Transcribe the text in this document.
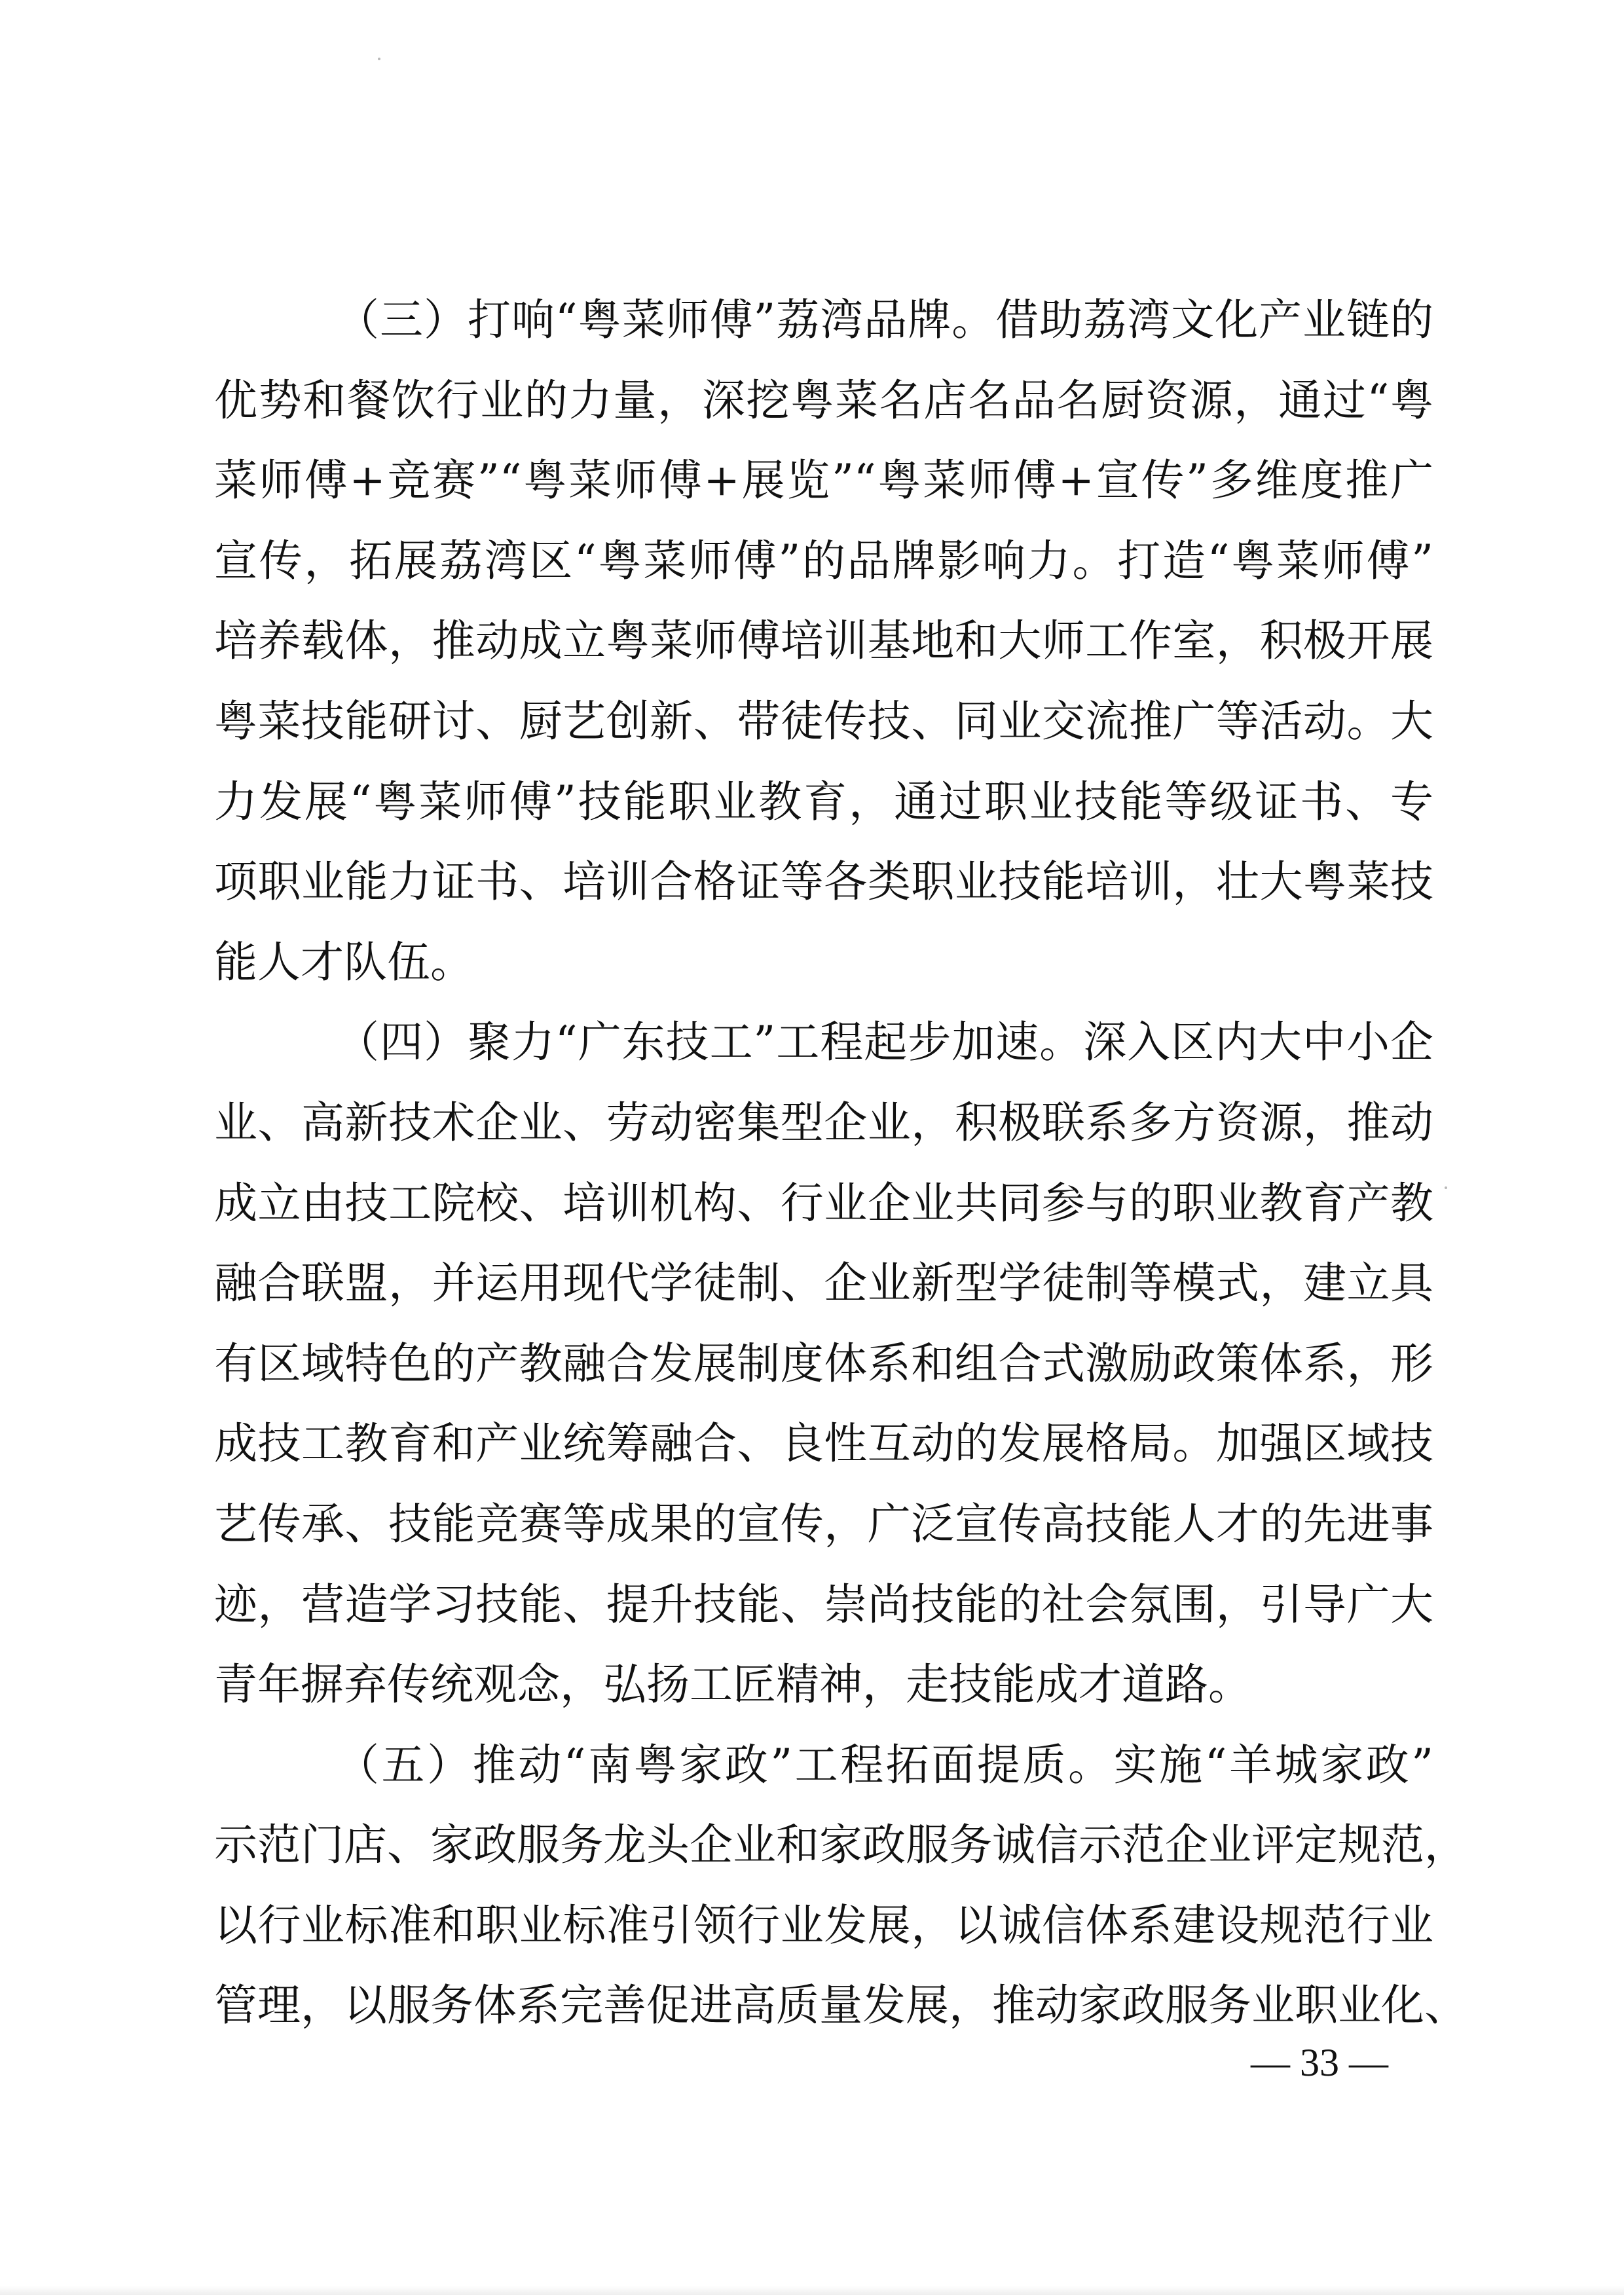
（三）打响“粤菜师傅”荔湾品牌。借助荔湾文化产业链的
优势和餐饮行业的力量，深挖粤菜名店名品名厨资源，通过“粤
菜师傅+竞赛”“粤菜师傅+展览”“粤菜师傅+宣传”多维度推广
宣传，拓展荔湾区“粤菜师傅”的品牌影响力。打造“粤菜师傅”
培养载体，推动成立粤菜师傅培训基地和大师工作室，积极开展
粤菜技能研讨、厨艺创新、带徒传技、同业交流推广等活动。大
力发展“粤菜师傅”技能职业教育，通过职业技能等级证书、专
项职业能力证书、培训合格证等各类职业技能培训，壮大粤菜技
能人才队伍。
（四）聚力“广东技工”工程起步加速。深入区内大中小企
业、高新技术企业、劳动密集型企业，积极联系多方资源，推动
成立由技工院校、培训机构、行业企业共同参与的职业教育产教
融合联盟，并运用现代学徒制、企业新型学徒制等模式，建立具
有区域特色的产教融合发展制度体系和组合式激励政策体系，形
成技工教育和产业统筹融合、良性互动的发展格局。加强区域技
艺传承、技能竞赛等成果的宣传，广泛宣传高技能人才的先进事
迹，营造学习技能、提升技能、崇尚技能的社会氛围，引导广大
青年摒弃传统观念，弘扬工匠精神，走技能成才道路。
（五）推动“南粤家政”工程拓面提质。实施“羊城家政”
示范门店、家政服务龙头企业和家政服务诚信示范企业评定规范，
以行业标准和职业标准引领行业发展，以诚信体系建设规范行业
管理，以服务体系完善促进高质量发展，推动家政服务业职业化、
— 33 —
